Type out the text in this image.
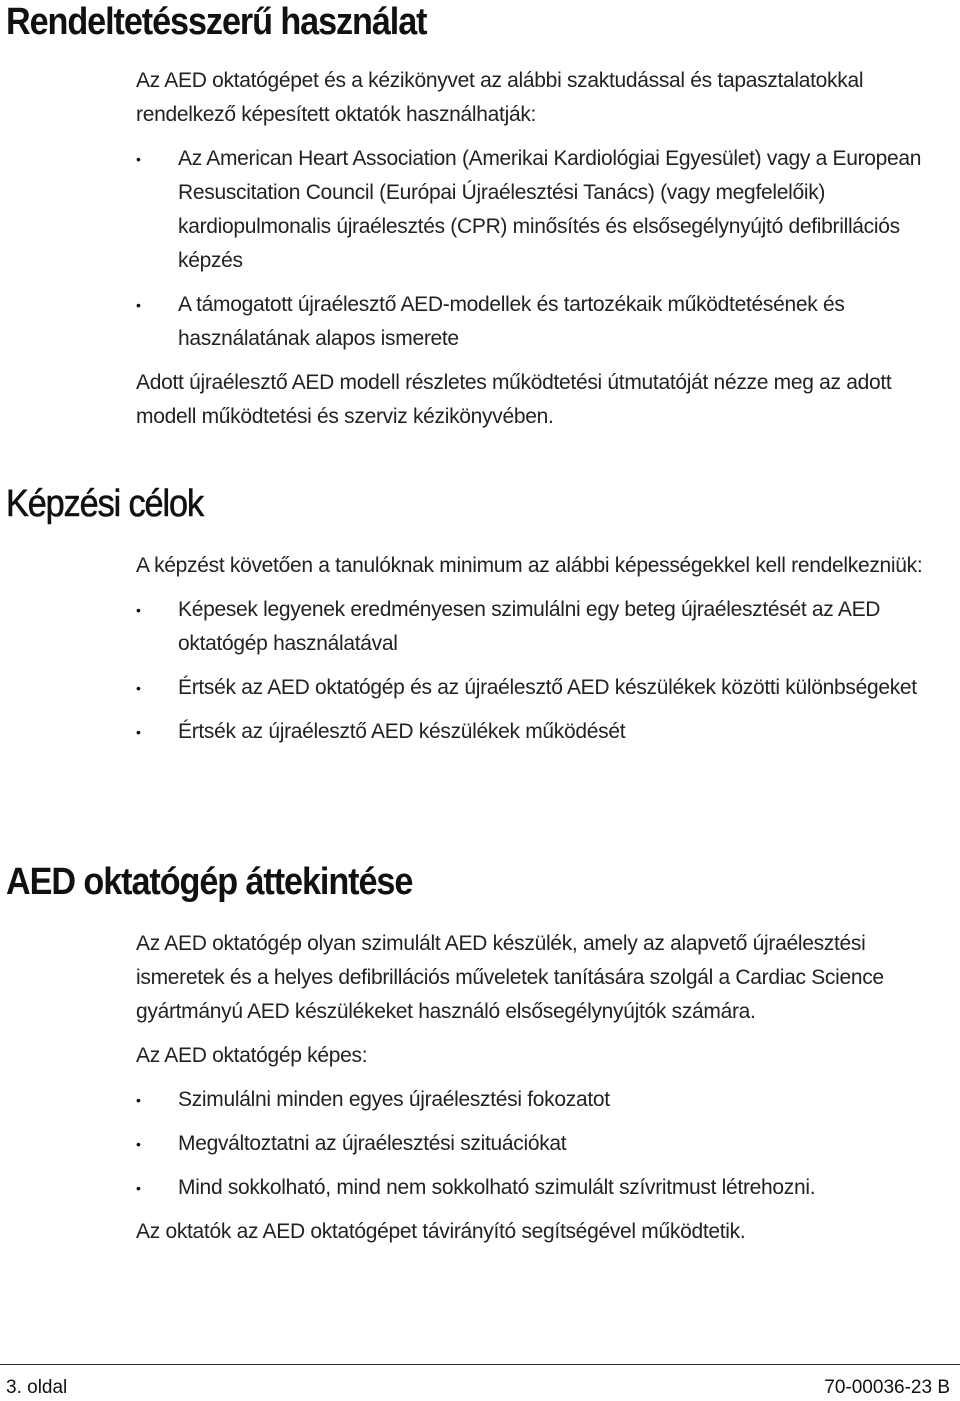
Rendeltetésszerű használat

Az AED oktatógépet és a kézikönyvet az alábbi szaktudással és tapasztalatokkal rendelkező képesített oktatók használhatják:

• Az American Heart Association (Amerikai Kardiológiai Egyesület) vagy a European Resuscitation Council (Európai Újraélesztési Tanács) (vagy megfelelőik) kardiopulmonalis újraélesztés (CPR) minősítés és elsősegélynyújtó defibrillációs képzés
• A támogatott újraélesztő AED-modellek és tartozékaik működtetésének és használatának alapos ismerete

Adott újraélesztő AED modell részletes működtetési útmutatóját nézze meg az adott modell működtetési és szerviz kézikönyvében.

Képzési célok

A képzést követően a tanulóknak minimum az alábbi képességekkel kell rendelkezniük:

• Képesek legyenek eredményesen szimulálni egy beteg újraélesztését az AED oktatógép használatával
• Értsék az AED oktatógép és az újraélesztő AED készülékek közötti különbségeket
• Értsék az újraélesztő AED készülékek működését
AED oktatógép áttekintése

Az AED oktatógép olyan szimulált AED készülék, amely az alapvető újraélesztési ismeretek és a helyes defibrillációs műveletek tanítására szolgál a Cardiac Science gyártmányú AED készülékeket használó elsősegélynyújtók számára.

Az AED oktatógép képes:

• Szimulálni minden egyes újraélesztési fokozatot
• Megváltoztatni az újraélesztési szituációkat
• Mind sokkolható, mind nem sokkolható szimulált szívritmust létrehozni.

Az oktatók az AED oktatógépet távirányító segítségével működtetik.

3. oldal	70-00036-23 B
